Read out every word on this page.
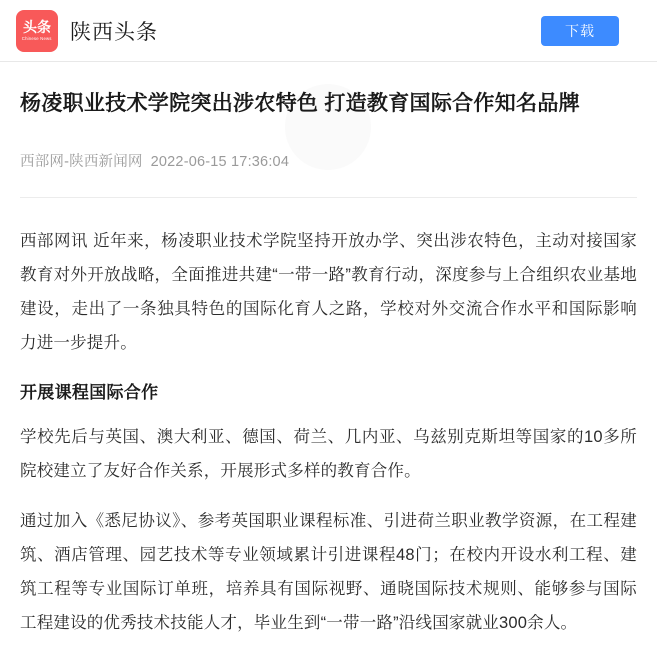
头条
Chinese News 陕西头条	下载
杨凌职业技术学院突出涉农特色 打造教育国际合作知名品牌
西部网-陕西新闻网 2022-06-15 17:36:04

西部网讯 近年来，杨凌职业技术学院坚持开放办学、突出涉农特色，主动对接国家教育对外开放战略，全面推进共建“一带一路”教育行动，深度参与上合组织农业基地建设，走出了一条独具特色的国际化育人之路，学校对外交流合作水平和国际影响力进一步提升。

开展课程国际合作

学校先后与英国、澳大利亚、德国、荷兰、几内亚、乌兹别克斯坦等国家的10多所院校建立了友好合作关系，开展形式多样的教育合作。

通过加入《悉尼协议》、参考英国职业课程标准、引进荷兰职业教学资源，在工程建筑、酒店管理、园艺技术等专业领域累计引进课程48门；在校内开设水利工程、建筑工程等专业国际订单班，培养具有国际视野、通晓国际技术规则、能够参与国际工程建设的优秀技术技能人才，毕业生到“一带一路”沿线国家就业300余人。
